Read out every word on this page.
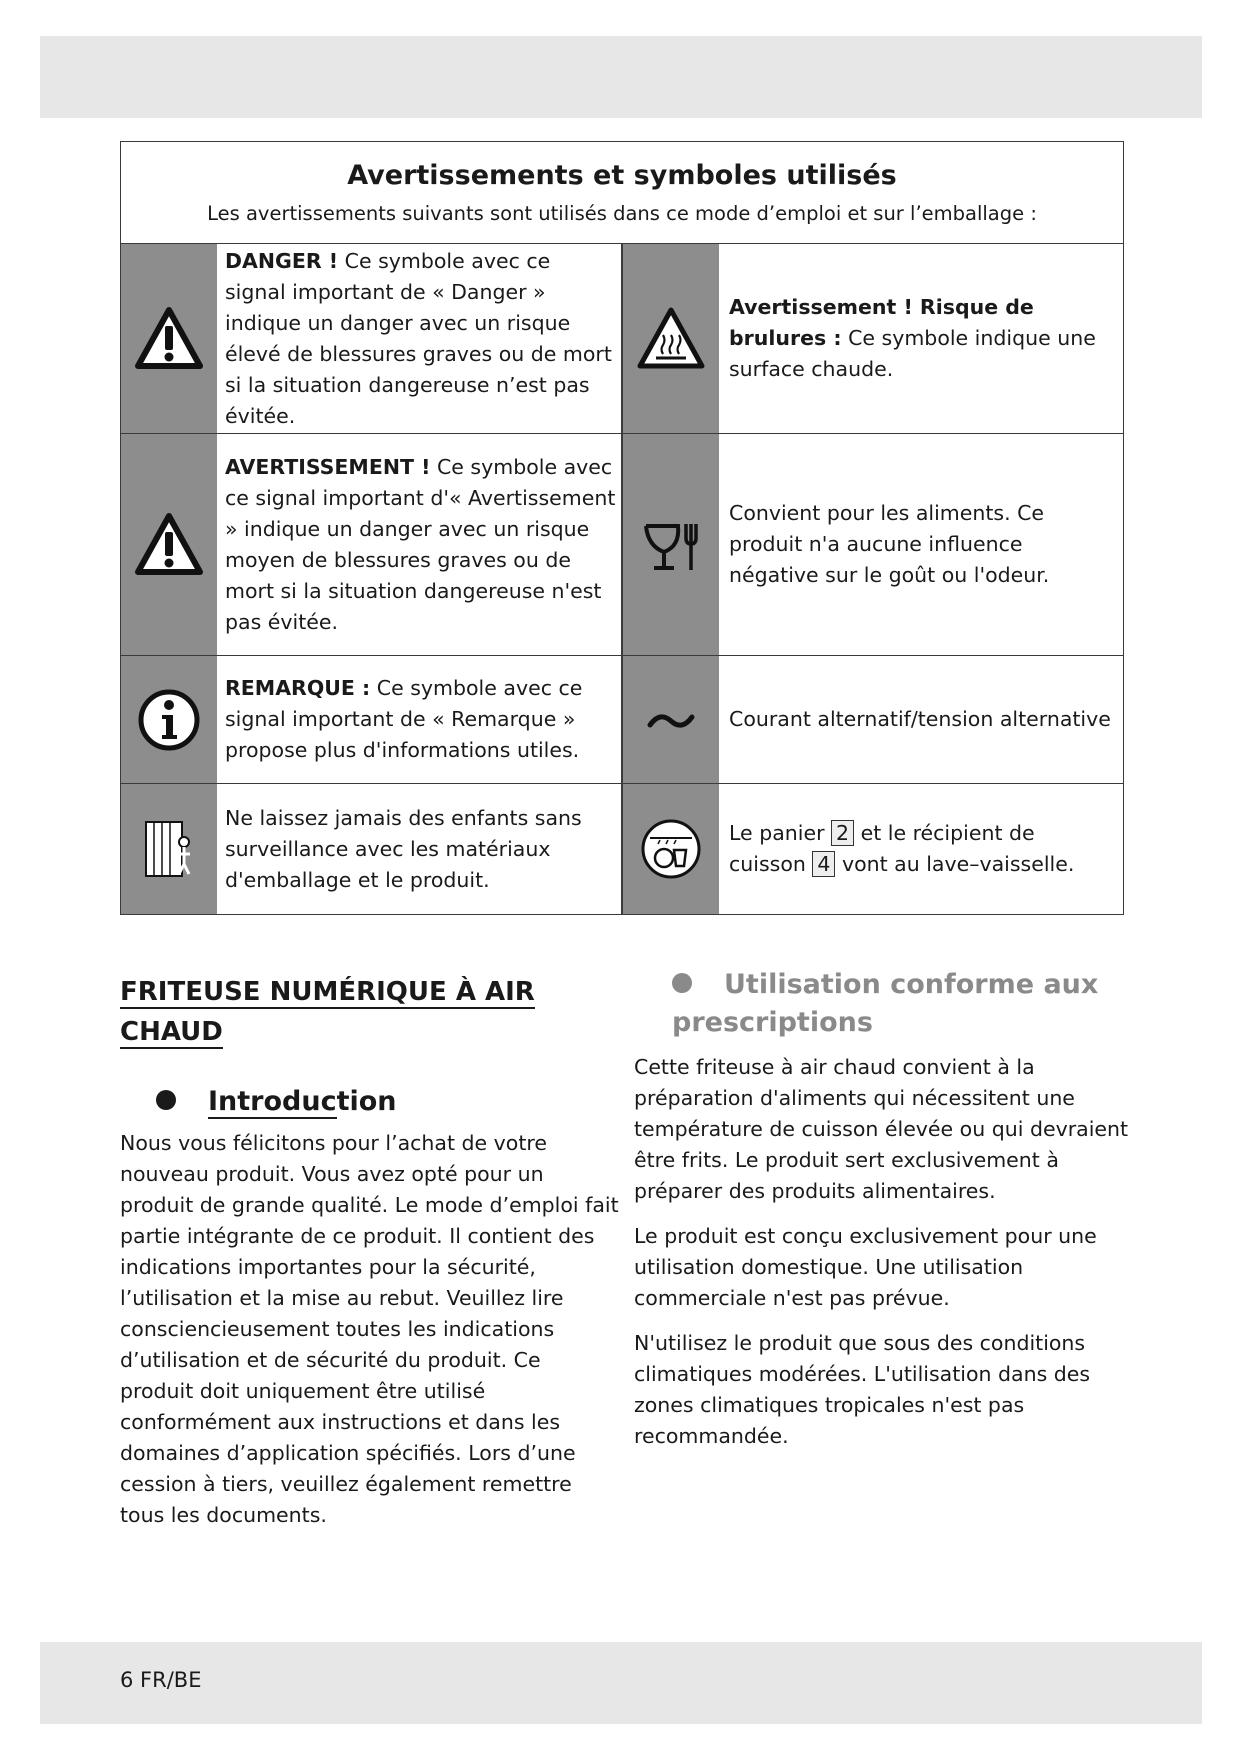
Avertissements et symboles utilisés
Les avertissements suivants sont utilisés dans ce mode d’emploi et sur l’emballage :

DANGER ! Ce symbole avec ce signal important de « Danger » indique un danger avec un risque élevé de blessures graves ou de mort si la situation dangereuse n’est pas évitée.

Avertissement ! Risque de brulures : Ce symbole indique une surface chaude.

AVERTISSEMENT ! Ce symbole avec ce signal important d'« Avertissement » indique un danger avec un risque moyen de blessures graves ou de mort si la situation dangereuse n'est pas évitée.

Convient pour les aliments. Ce produit n'a aucune influence négative sur le goût ou l'odeur.

REMARQUE : Ce symbole avec ce signal important de « Remarque » propose plus d'informations utiles.

Courant alternatif/tension alternative

Ne laissez jamais des enfants sans surveillance avec les matériaux d'emballage et le produit.

Le panier 2 et le récipient de cuisson 4 vont au lave–vaisselle.

FRITEUSE NUMÉRIQUE À AIR
CHAUD
Introduction

Nous vous félicitons pour l’achat de votre nouveau produit. Vous avez opté pour un produit de grande qualité. Le mode d’emploi fait partie intégrante de ce produit. Il contient des indications importantes pour la sécurité, l’utilisation et la mise au rebut. Veuillez lire consciencieusement toutes les indications d’utilisation et de sécurité du produit. Ce produit doit uniquement être utilisé conformément aux instructions et dans les domaines d’application spécifiés. Lors d’une cession à tiers, veuillez également remettre tous les documents.

Utilisation conforme aux prescriptions

Cette friteuse à air chaud convient à la préparation d'aliments qui nécessitent une température de cuisson élevée ou qui devraient être frits. Le produit sert exclusivement à préparer des produits alimentaires.

Le produit est conçu exclusivement pour une utilisation domestique. Une utilisation commerciale n'est pas prévue.

N'utilisez le produit que sous des conditions climatiques modérées. L'utilisation dans des zones climatiques tropicales n'est pas recommandée.

6 FR/BE
